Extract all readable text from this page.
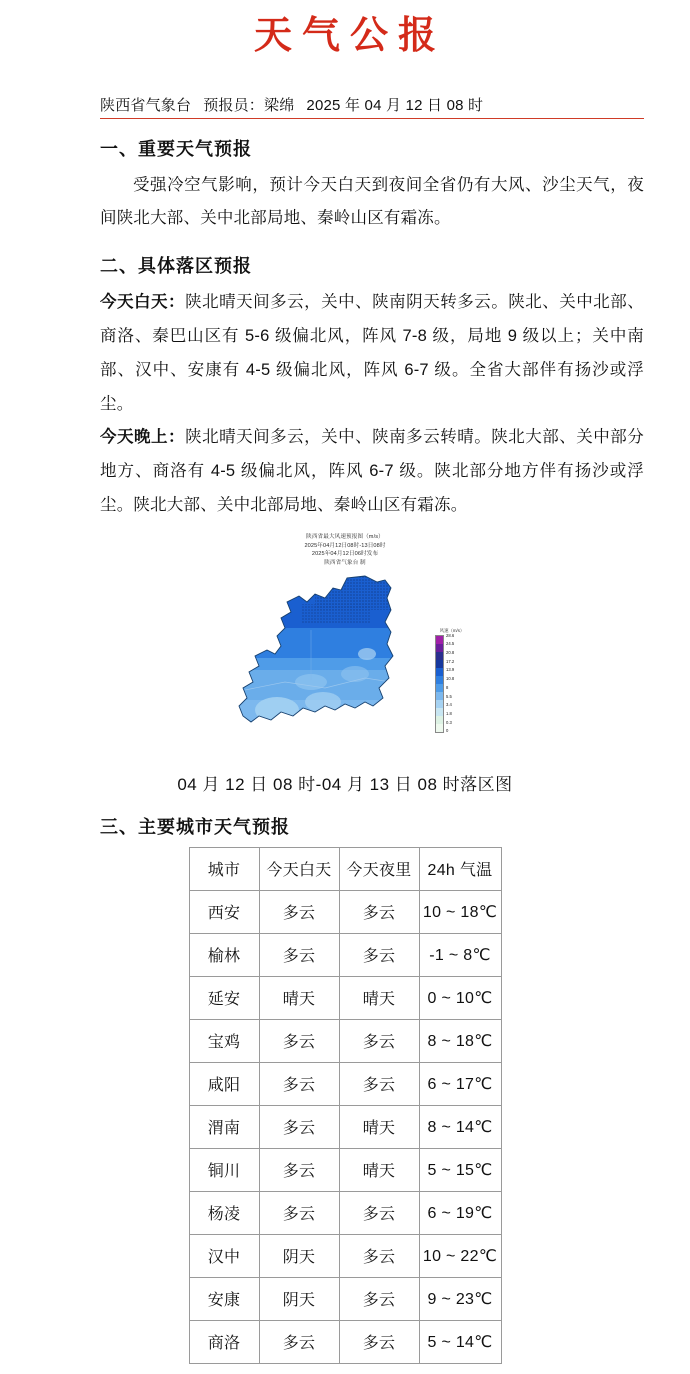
天气公报
陕西省气象台 预报员：梁绵 2025 年 04 月 12 日 08 时
一、重要天气预报

受强冷空气影响，预计今天白天到夜间全省仍有大风、沙尘天气，夜间陕北大部、关中北部局地、秦岭山区有霜冻。

二、具体落区预报

今天白天：陕北晴天间多云，关中、陕南阴天转多云。陕北、关中北部、商洛、秦巴山区有 5-6 级偏北风，阵风 7-8 级，局地 9 级以上；关中南部、汉中、安康有 4-5 级偏北风，阵风 6-7 级。全省大部伴有扬沙或浮尘。

今天晚上：陕北晴天间多云，关中、陕南多云转晴。陕北大部、关中部分地方、商洛有 4-5 级偏北风，阵风 6-7 级。陕北部分地方伴有扬沙或浮尘。陕北大部、关中北部局地、秦岭山区有霜冻。

陕西省最大风速预报图（m/s）
2025年04月12日08时-13日08时
2025年04月12日06时发布
陕西省气象台 制
风速（m/s）
28.6
24.5
20.8
17.2
13.9
10.8
8
5.5
3.4
1.8
0.3
0
04 月 12 日 08 时-04 月 13 日 08 时落区图
三、主要城市天气预报
城市	今天白天	今天夜里	24h 气温
西安	多云	多云	10 ~ 18℃
榆林	多云	多云	-1 ~ 8℃
延安	晴天	晴天	0 ~ 10℃
宝鸡	多云	多云	8 ~ 18℃
咸阳	多云	多云	6 ~ 17℃
渭南	多云	晴天	8 ~ 14℃
铜川	多云	晴天	5 ~ 15℃
杨凌	多云	多云	6 ~ 19℃
汉中	阴天	多云	10 ~ 22℃
安康	阴天	多云	9 ~ 23℃
商洛	多云	多云	5 ~ 14℃
